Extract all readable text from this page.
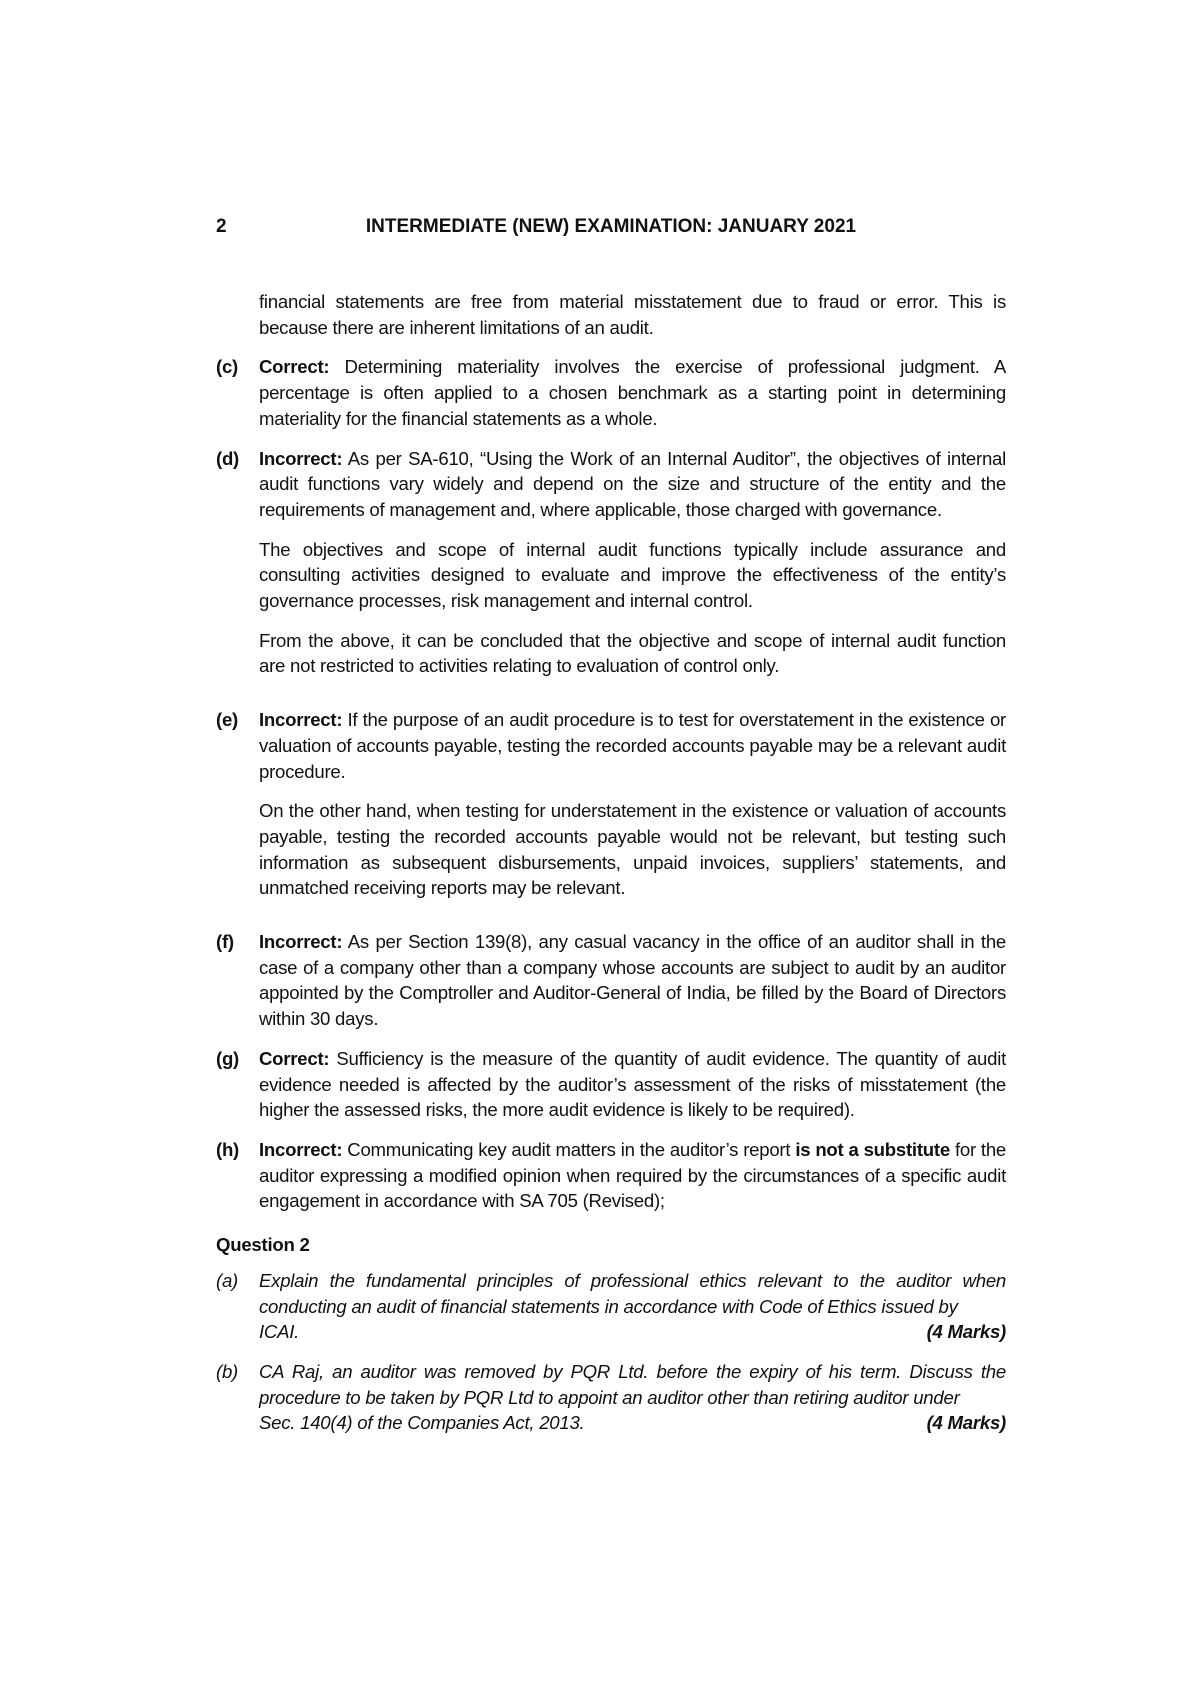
2	INTERMEDIATE (NEW) EXAMINATION: JANUARY 2021

financial statements are free from material misstatement due to fraud or error. This is because there are inherent limitations of an audit.

(c)	Correct: Determining materiality involves the exercise of professional judgment. A percentage is often applied to a chosen benchmark as a starting point in determining materiality for the financial statements as a whole.
(d)	Incorrect: As per SA-610, “Using the Work of an Internal Auditor”, the objectives of internal audit functions vary widely and depend on the size and structure of the entity and the requirements of management and, where applicable, those charged with governance.
The objectives and scope of internal audit functions typically include assurance and consulting activities designed to evaluate and improve the effectiveness of the entity’s governance processes, risk management and internal control.
From the above, it can be concluded that the objective and scope of internal audit function are not restricted to activities relating to evaluation of control only.
(e)	Incorrect: If the purpose of an audit procedure is to test for overstatement in the existence or valuation of accounts payable, testing the recorded accounts payable may be a relevant audit procedure.
On the other hand, when testing for understatement in the existence or valuation of accounts payable, testing the recorded accounts payable would not be relevant, but testing such information as subsequent disbursements, unpaid invoices, suppliers’ statements, and unmatched receiving reports may be relevant.
(f)	Incorrect: As per Section 139(8), any casual vacancy in the office of an auditor shall in the case of a company other than a company whose accounts are subject to audit by an auditor appointed by the Comptroller and Auditor-General of India, be filled by the Board of Directors within 30 days.
(g)	Correct: Sufficiency is the measure of the quantity of audit evidence. The quantity of audit evidence needed is affected by the auditor’s assessment of the risks of misstatement (the higher the assessed risks, the more audit evidence is likely to be required).
(h)	Incorrect: Communicating key audit matters in the auditor’s report is not a substitute for the auditor expressing a modified opinion when required by the circumstances of a specific audit engagement in accordance with SA 705 (Revised);
Question 2
(a)	Explain the fundamental principles of professional ethics relevant to the auditor when conducting an audit of financial statements in accordance with Code of Ethics issued by
ICAI.	(4 Marks)
(b)	CA Raj, an auditor was removed by PQR Ltd. before the expiry of his term. Discuss the procedure to be taken by PQR Ltd to appoint an auditor other than retiring auditor under
Sec. 140(4) of the Companies Act, 2013.	(4 Marks)
